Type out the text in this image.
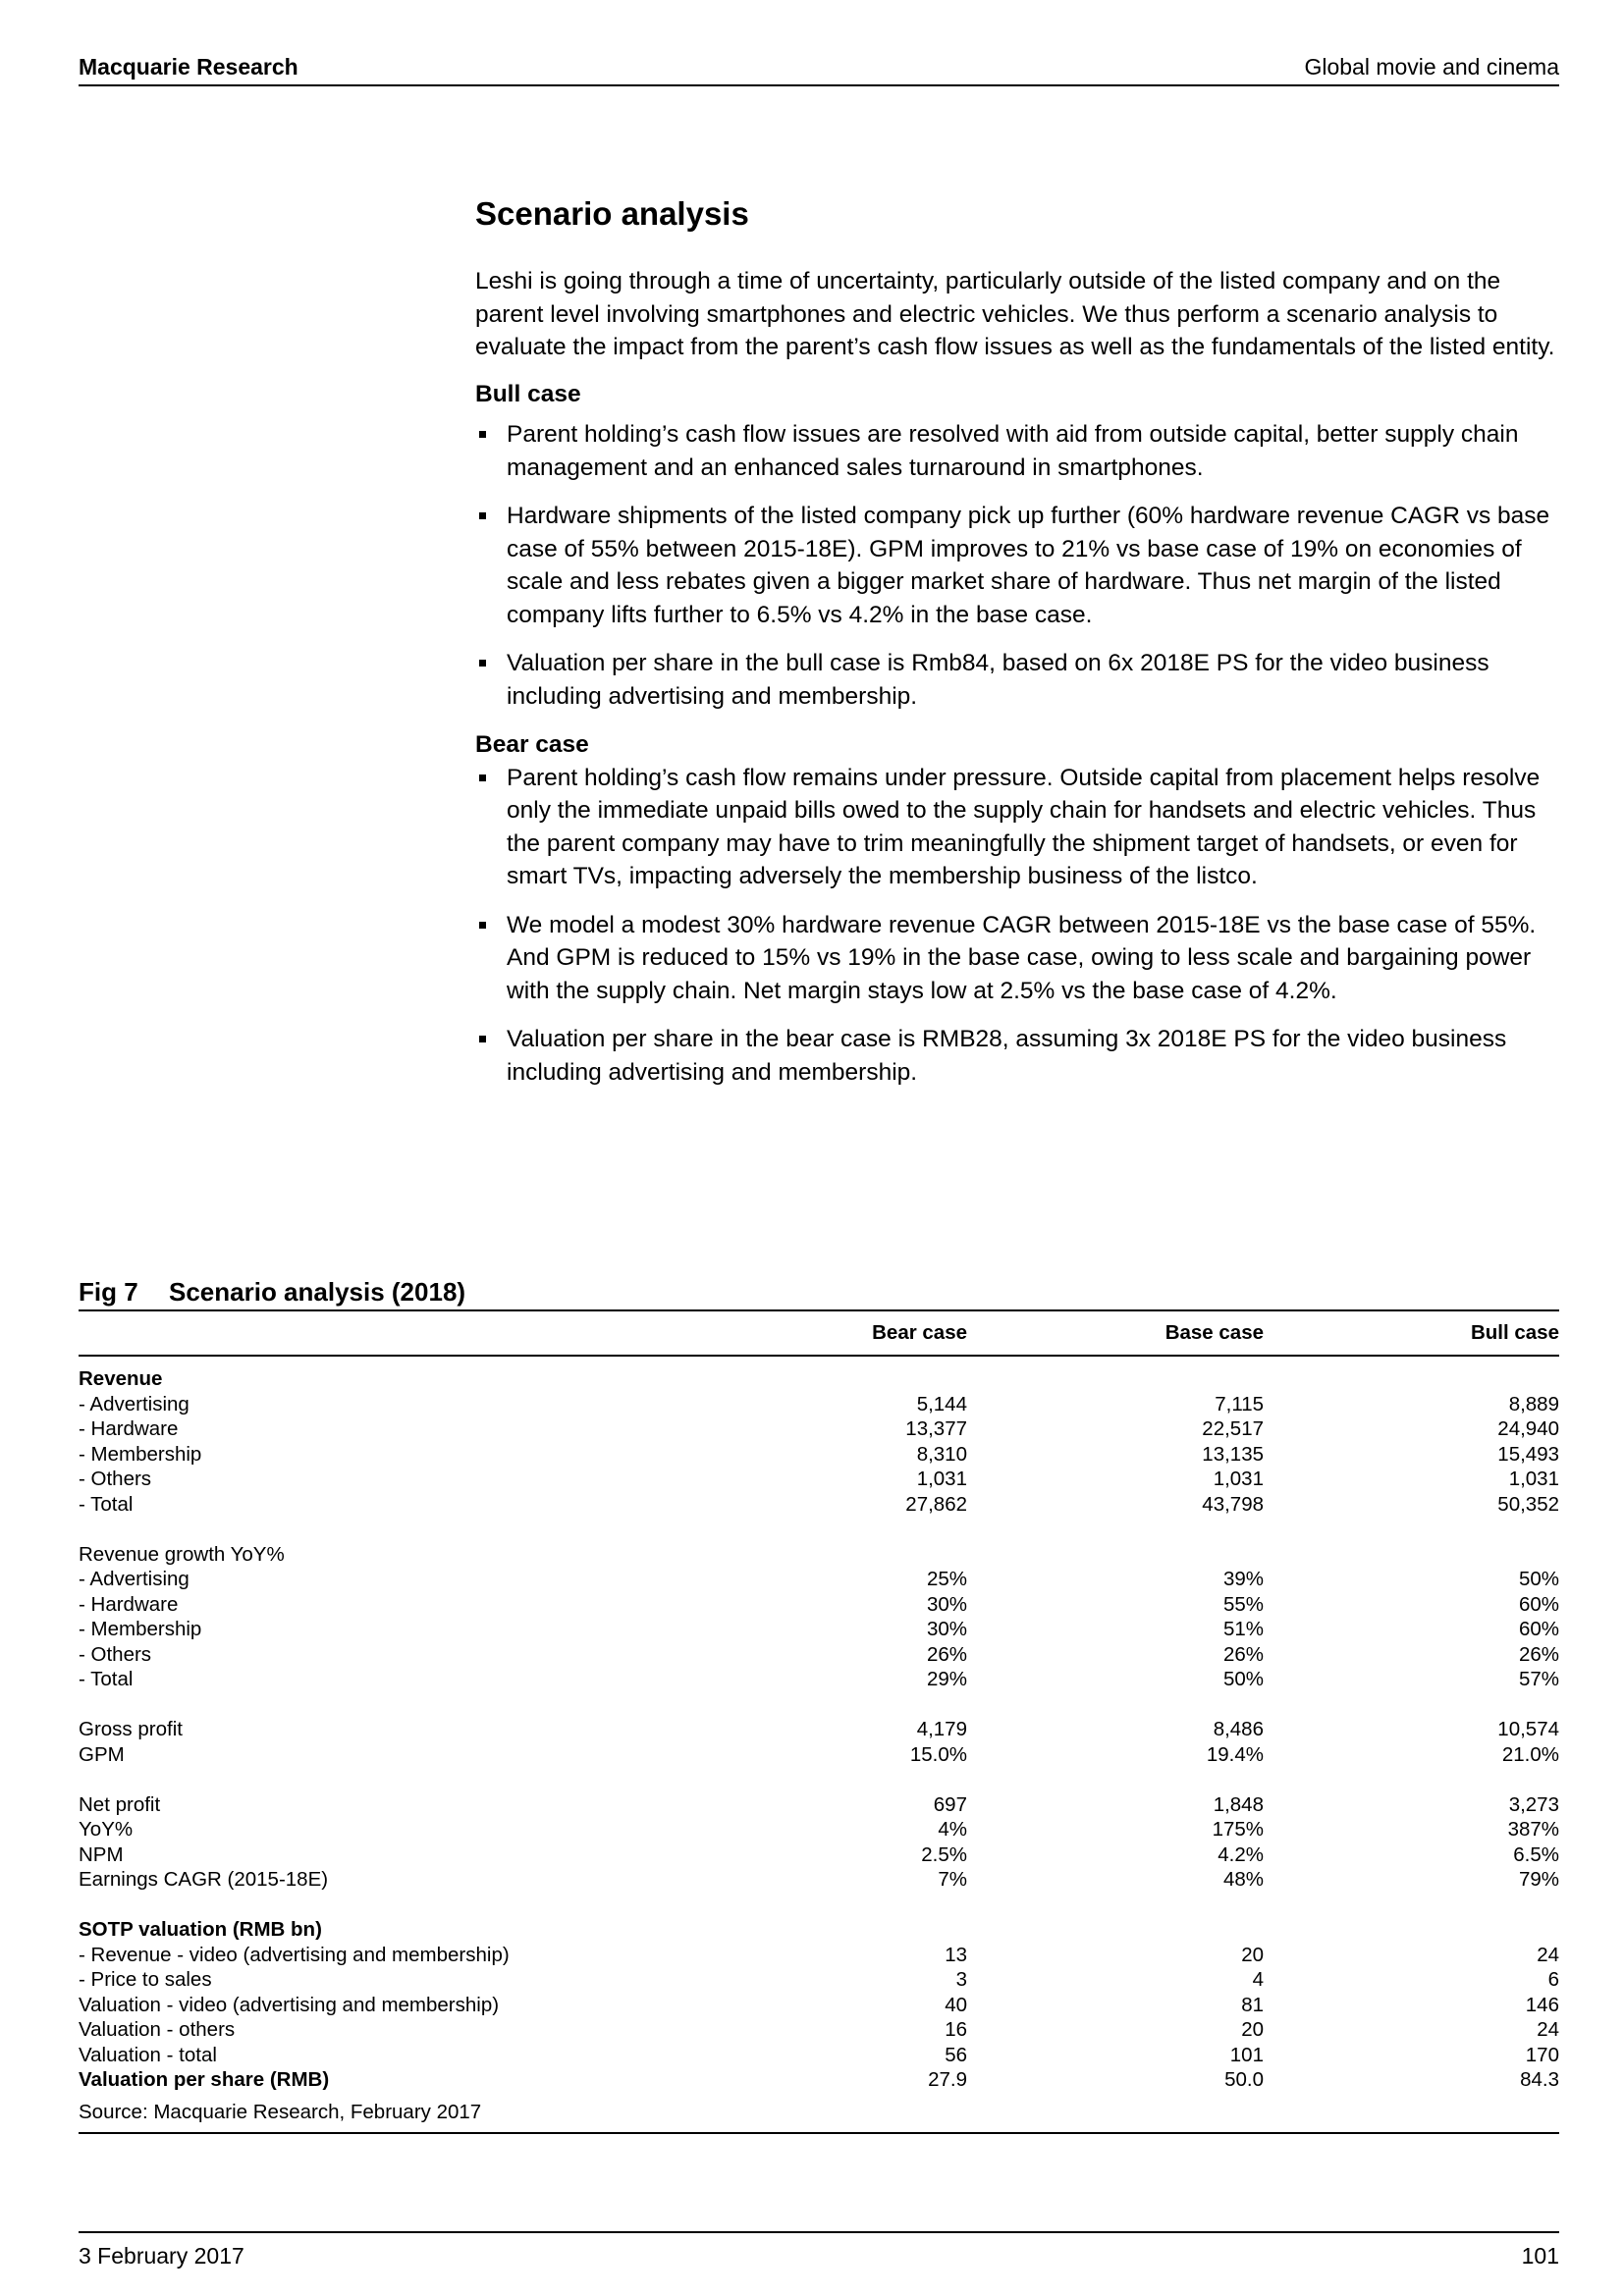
Macquarie Research	Global movie and cinema
Scenario analysis

Leshi is going through a time of uncertainty, particularly outside of the listed company and on the parent level involving smartphones and electric vehicles. We thus perform a scenario analysis to evaluate the impact from the parent’s cash flow issues as well as the fundamentals of the listed entity.

Bull case
Parent holding’s cash flow issues are resolved with aid from outside capital, better supply chain management and an enhanced sales turnaround in smartphones.
Hardware shipments of the listed company pick up further (60% hardware revenue CAGR vs base case of 55% between 2015-18E). GPM improves to 21% vs base case of 19% on economies of scale and less rebates given a bigger market share of hardware. Thus net margin of the listed company lifts further to 6.5% vs 4.2% in the base case.
Valuation per share in the bull case is Rmb84, based on 6x 2018E PS for the video business including advertising and membership.
Bear case
Parent holding’s cash flow remains under pressure. Outside capital from placement helps resolve only the immediate unpaid bills owed to the supply chain for handsets and electric vehicles. Thus the parent company may have to trim meaningfully the shipment target of handsets, or even for smart TVs, impacting adversely the membership business of the listco.
We model a modest 30% hardware revenue CAGR between 2015-18E vs the base case of 55%. And GPM is reduced to 15% vs 19% in the base case, owing to less scale and bargaining power with the supply chain. Net margin stays low at 2.5% vs the base case of 4.2%.
Valuation per share in the bear case is RMB28, assuming 3x 2018E PS for the video business including advertising and membership.
Fig 7	Scenario analysis (2018)
	Bear case	Base case	Bull case

Revenue			
- Advertising	5,144	7,115	8,889
- Hardware	13,377	22,517	24,940
- Membership	8,310	13,135	15,493
- Others	1,031	1,031	1,031
- Total	27,862	43,798	50,352

Revenue growth YoY%			
- Advertising	25%	39%	50%
- Hardware	30%	55%	60%
- Membership	30%	51%	60%
- Others	26%	26%	26%
- Total	29%	50%	57%

Gross profit	4,179	8,486	10,574
GPM	15.0%	19.4%	21.0%

Net profit	697	1,848	3,273
YoY%	4%	175%	387%
NPM	2.5%	4.2%	6.5%
Earnings CAGR (2015-18E)	7%	48%	79%

SOTP valuation (RMB bn)			
- Revenue - video (advertising and membership)	13	20	24
- Price to sales	3	4	6
Valuation - video (advertising and membership)	40	81	146
Valuation - others	16	20	24
Valuation - total	56	101	170
Valuation per share (RMB)	27.9	50.0	84.3
Source: Macquarie Research, February 2017
3 February 2017	101
